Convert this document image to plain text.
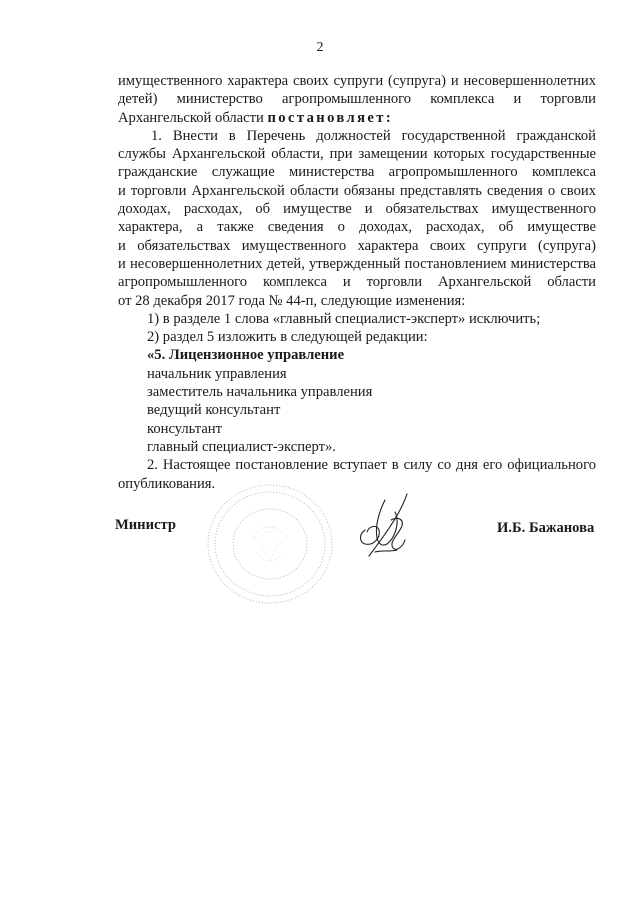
2
имущественного характера своих супруги (супруга) и несовершеннолетних
детей) министерство агропромышленного комплекса и торговли
Архангельской области постановляет:
1. Внести в Перечень должностей государственной гражданской
службы Архангельской области, при замещении которых государственные
гражданские служащие министерства агропромышленного комплекса
и торговли Архангельской области обязаны представлять сведения о своих
доходах, расходах, об имуществе и обязательствах имущественного
характера, а также сведения о доходах, расходах, об имуществе
и обязательствах имущественного характера своих супруги (супруга)
и несовершеннолетних детей, утвержденный постановлением министерства
агропромышленного комплекса и торговли Архангельской области
от 28 декабря 2017 года № 44-п, следующие изменения:
1) в разделе 1 слова «главный специалист-эксперт» исключить;
2) раздел 5 изложить в следующей редакции:
«5. Лицензионное управление
начальник управления
заместитель начальника управления
ведущий консультант
консультант
главный специалист-эксперт».
2. Настоящее постановление вступает в силу со дня его официального
опубликования.
Министр	И.Б. Бажанова
